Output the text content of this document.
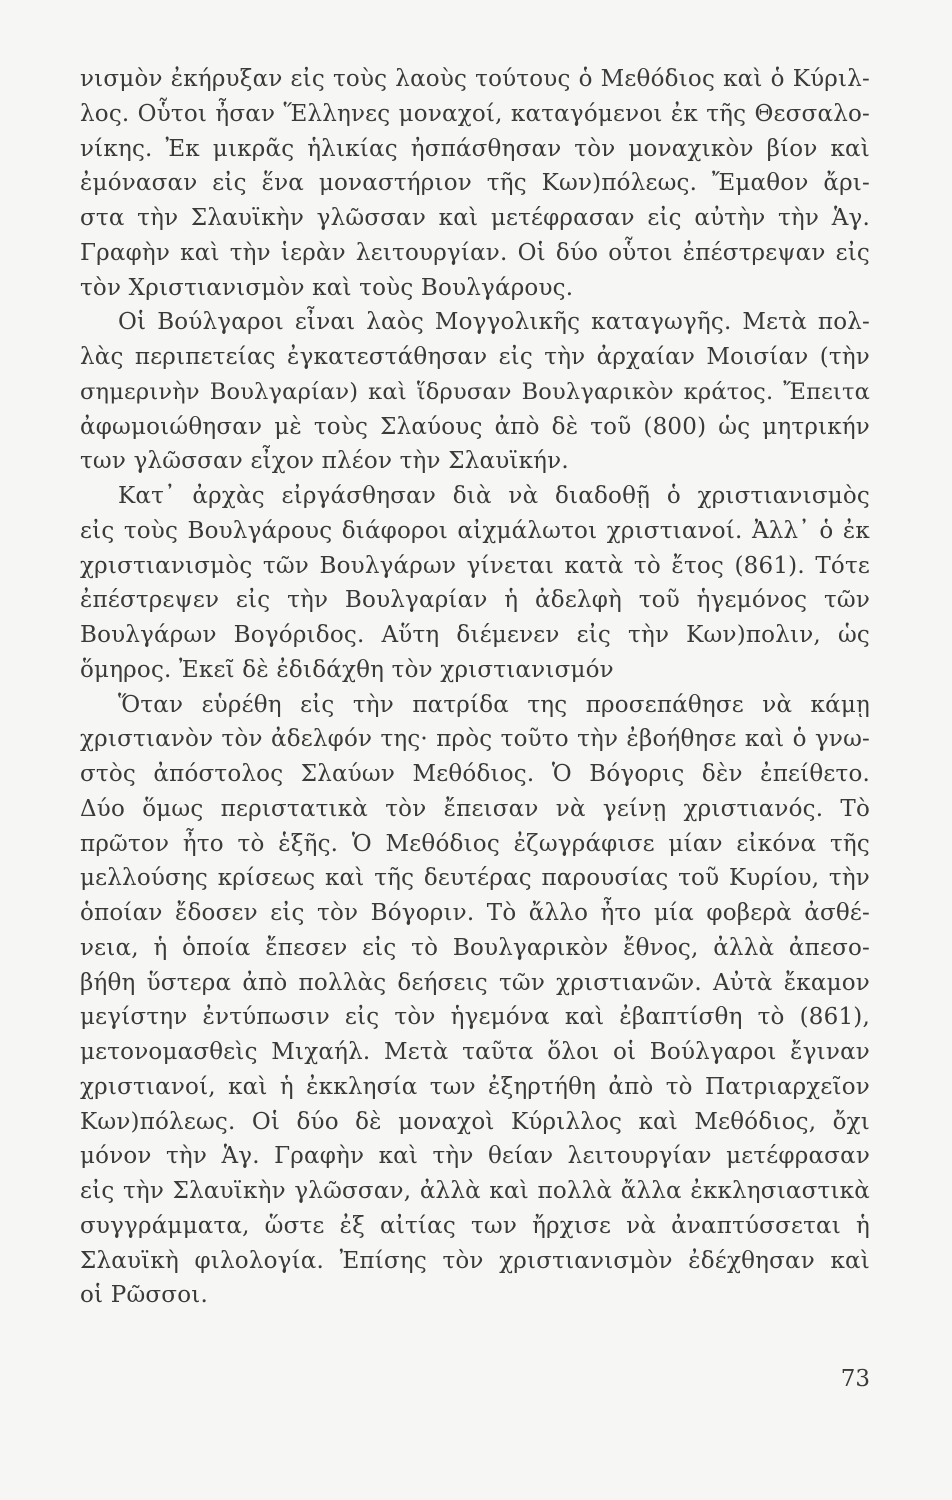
νισμὸν ἐκήρυξαν εἰς τοὺς λαοὺς τούτους ὁ Μεθόδιος καὶ ὁ Κύριλ-
λος. Οὗτοι ἦσαν Ἕλληνες μοναχοί, καταγόμενοι ἐκ τῆς Θεσσαλο-
νίκης. Ἐκ μικρᾶς ἡλικίας ἠσπάσθησαν τὸν μοναχικὸν βίον καὶ
ἐμόνασαν εἰς ἕνα μοναστήριον τῆς Κων)πόλεως. Ἔμαθον ἄρι-
στα τὴν Σλαυϊκὴν γλῶσσαν καὶ μετέφρασαν εἰς αὐτὴν τὴν Ἁγ.
Γραφὴν καὶ τὴν ἱερὰν λειτουργίαν. Οἱ δύο οὗτοι ἐπέστρεψαν εἰς
τὸν Χριστιανισμὸν καὶ τοὺς Βουλγάρους.
Οἱ Βούλγαροι εἶναι λαὸς Μογγολικῆς καταγωγῆς. Μετὰ πολ-
λὰς περιπετείας ἐγκατεστάθησαν εἰς τὴν ἀρχαίαν Μοισίαν (τὴν
σημερινὴν Βουλγαρίαν) καὶ ἵδρυσαν Βουλγαρικὸν κράτος. Ἔπειτα
ἀφωμοιώθησαν μὲ τοὺς Σλαύους ἀπὸ δὲ τοῦ (800) ὡς μητρικήν
των γλῶσσαν εἶχον πλέον τὴν Σλαυϊκήν.
Κατ᾽ ἀρχὰς εἰργάσθησαν διὰ νὰ διαδοθῇ ὁ χριστιανισμὸς
εἰς τοὺς Βουλγάρους διάφοροι αἰχμάλωτοι χριστιανοί. Ἀλλ᾽ ὁ ἐκ
χριστιανισμὸς τῶν Βουλγάρων γίνεται κατὰ τὸ ἔτος (861). Τότε
ἐπέστρεψεν εἰς τὴν Βουλγαρίαν ἡ ἀδελφὴ τοῦ ἡγεμόνος τῶν
Βουλγάρων Βογόριδος. Αὕτη διέμενεν εἰς τὴν Κων)πολιν, ὡς
ὅμηρος. Ἐκεῖ δὲ ἐδιδάχθη τὸν χριστιανισμόν
Ὅταν εὑρέθη εἰς τὴν πατρίδα της προσεπάθησε νὰ κάμῃ
χριστιανὸν τὸν ἀδελφόν της· πρὸς τοῦτο τὴν ἐβοήθησε καὶ ὁ γνω-
στὸς ἀπόστολος Σλαύων Μεθόδιος. Ὁ Βόγορις δὲν ἐπείθετο.
Δύο ὅμως περιστατικὰ τὸν ἔπεισαν νὰ γείνῃ χριστιανός. Τὸ
πρῶτον ἦτο τὸ ἑξῆς. Ὁ Μεθόδιος ἐζωγράφισε μίαν εἰκόνα τῆς
μελλούσης κρίσεως καὶ τῆς δευτέρας παρουσίας τοῦ Κυρίου, τὴν
ὁποίαν ἔδοσεν εἰς τὸν Βόγοριν. Τὸ ἄλλο ἦτο μία φοβερὰ ἀσθέ-
νεια, ἡ ὁποία ἔπεσεν εἰς τὸ Βουλγαρικὸν ἔθνος, ἀλλὰ ἀπεσο-
βήθη ὕστερα ἀπὸ πολλὰς δεήσεις τῶν χριστιανῶν. Αὐτὰ ἔκαμον
μεγίστην ἐντύπωσιν εἰς τὸν ἡγεμόνα καὶ ἐβαπτίσθη τὸ (861),
μετονομασθεὶς Μιχαήλ. Μετὰ ταῦτα ὅλοι οἱ Βούλγαροι ἔγιναν
χριστιανοί, καὶ ἡ ἐκκλησία των ἐξηρτήθη ἀπὸ τὸ Πατριαρχεῖον
Κων)πόλεως. Οἱ δύο δὲ μοναχοὶ Κύριλλος καὶ Μεθόδιος, ὄχι
μόνον τὴν Ἁγ. Γραφὴν καὶ τὴν θείαν λειτουργίαν μετέφρασαν
εἰς τὴν Σλαυϊκὴν γλῶσσαν, ἀλλὰ καὶ πολλὰ ἄλλα ἐκκλησιαστικὰ
συγγράμματα, ὥστε ἐξ αἰτίας των ἤρχισε νὰ ἀναπτύσσεται ἡ
Σλαυϊκὴ φιλολογία. Ἐπίσης τὸν χριστιανισμὸν ἐδέχθησαν καὶ
οἱ Ρῶσσοι.
73
